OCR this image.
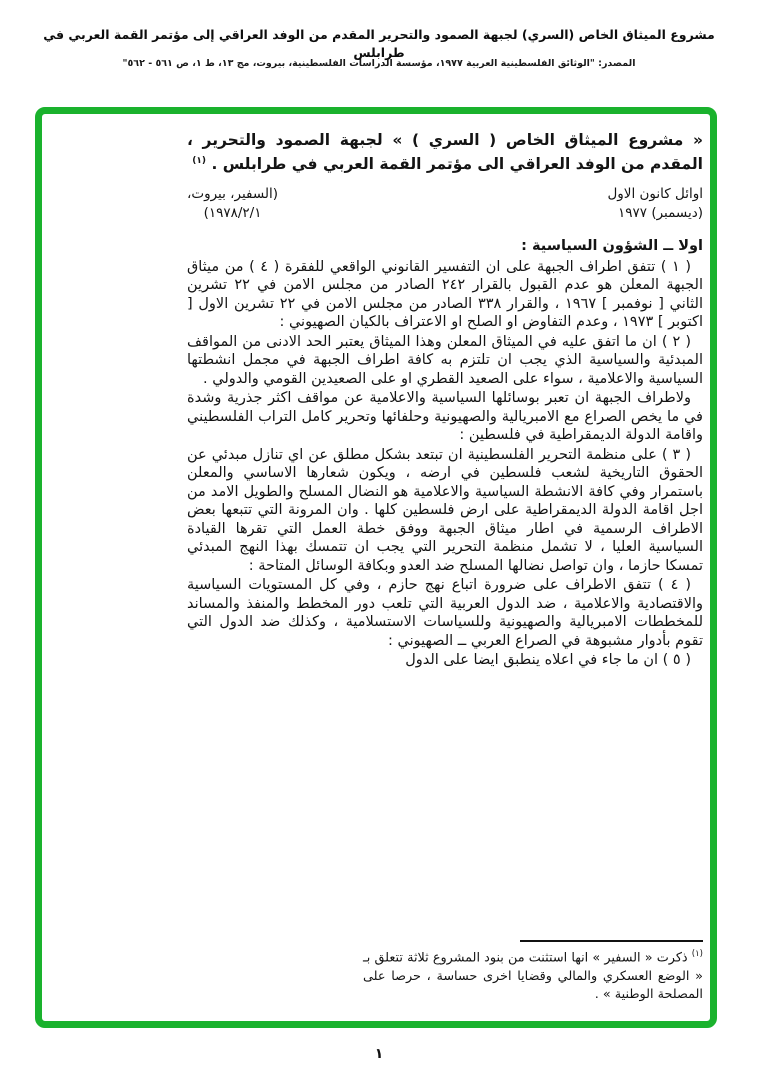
مشروع الميثاق الخاص (السري) لجبهة الصمود والتحرير المقدم من الوفد العراقي إلى مؤتمر القمة العربي في طرابلس
المصدر: "الوثائق الفلسطينية العربية ١٩٧٧، مؤسسة الدراسات الفلسطينية، بيروت، مج ١٣، ط ١، ص ٥٦١ - ٥٦٢"

« مشروع الميثاق الخاص ( السري ) » لجبهة الصمود والتحرير ، المقدم من الوفد العراقي الى مؤتمر القمة العربي في طرابلس . $^{(١)}$

اوائل كانون الاول
(ديسمبر) ١٩٧٧
(السفير، بيروت،
١٩٧٨/٢/١)
اولا ــ الشؤون السياسية :

( ١ ) تتفق اطراف الجبهة على ان التفسير القانوني الواقعي للفقرة ( ٤ ) من ميثاق الجبهة المعلن هو عدم القبول بالقرار ٢٤٢ الصادر من مجلس الامن في ٢٢ تشرين الثاني [ نوفمبر ] ١٩٦٧ ، والقرار ٣٣٨ الصادر من مجلس الامن في ٢٢ تشرين الاول [ اكتوبر ] ١٩٧٣ ، وعدم التفاوض او الصلح او الاعتراف بالكيان الصهيوني :

( ٢ ) ان ما اتفق عليه في الميثاق المعلن وهذا الميثاق يعتبر الحد الادنى من المواقف المبدئية والسياسية الذي يجب ان تلتزم به كافة اطراف الجبهة في مجمل انشطتها السياسية والاعلامية ، سواء على الصعيد القطري او على الصعيدين القومي والدولي .

ولاطراف الجبهة ان تعبر بوسائلها السياسية والاعلامية عن مواقف اكثر جذرية وشدة في ما يخص الصراع مع الامبريالية والصهيونية وحلفائها وتحرير كامل التراب الفلسطيني واقامة الدولة الديمقراطية في فلسطين :

( ٣ ) على منظمة التحرير الفلسطينية ان تبتعد بشكل مطلق عن اي تنازل مبدئي عن الحقوق التاريخية لشعب فلسطين في ارضه ، ويكون شعارها الاساسي والمعلن باستمرار وفي كافة الانشطة السياسية والاعلامية هو النضال المسلح والطويل الامد من اجل اقامة الدولة الديمقراطية على ارض فلسطين كلها . وان المرونة التي تتبعها بعض الاطراف الرسمية في اطار ميثاق الجبهة ووفق خطة العمل التي تقرها القيادة السياسية العليا ، لا تشمل منظمة التحرير التي يجب ان تتمسك بهذا النهج المبدئي تمسكا حازما ، وان تواصل نضالها المسلح ضد العدو وبكافة الوسائل المتاحة :

( ٤ ) تتفق الاطراف على ضرورة اتباع نهج حازم ، وفي كل المستويات السياسية والاقتصادية والاعلامية ، ضد الدول العربية التي تلعب دور المخطط والمنفذ والمساند للمخططات الامبريالية والصهيونية وللسياسات الاستسلامية ، وكذلك ضد الدول التي تقوم بأدوار مشبوهة في الصراع العربي ــ الصهيوني :

( ٥ ) ان ما جاء في اعلاه ينطبق ايضا على الدول

$^{(١)}$ ذكرت « السفير » انها استثنت من بنود المشروع ثلاثة تتعلق بـ « الوضع العسكري والمالي وقضايا اخرى حساسة ، حرصا على المصلحة الوطنية » .
١
